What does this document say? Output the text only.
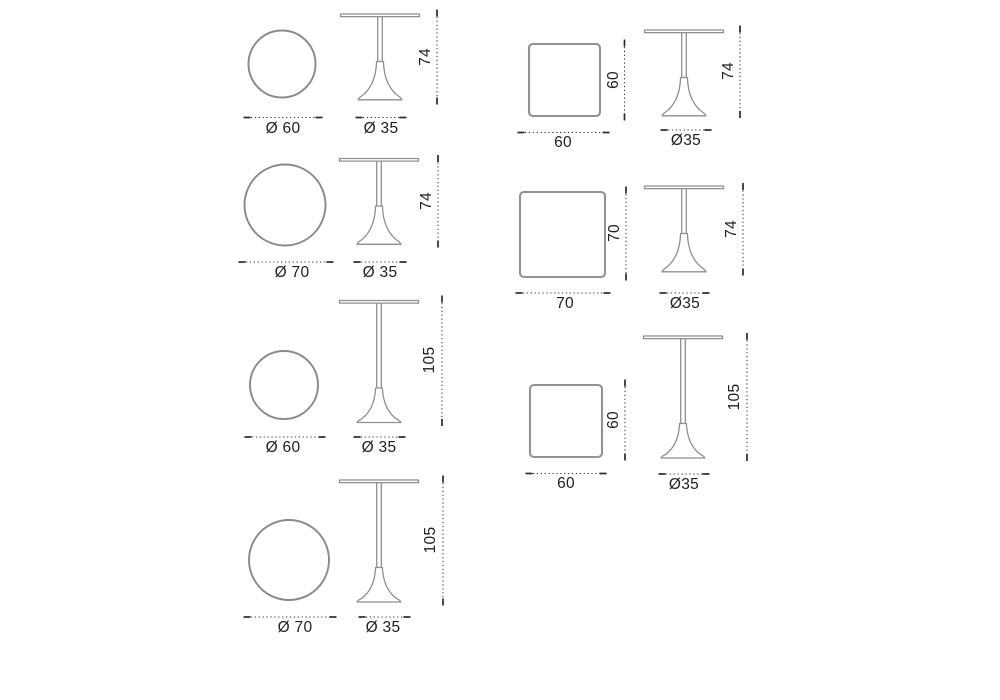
Ø 60	Ø 35
74
Ø 70	Ø 35
74
Ø 60	Ø 35
105
Ø 70	Ø 35
105
60
60	Ø35
74
70
70	Ø35
74
60
60	Ø35
105
